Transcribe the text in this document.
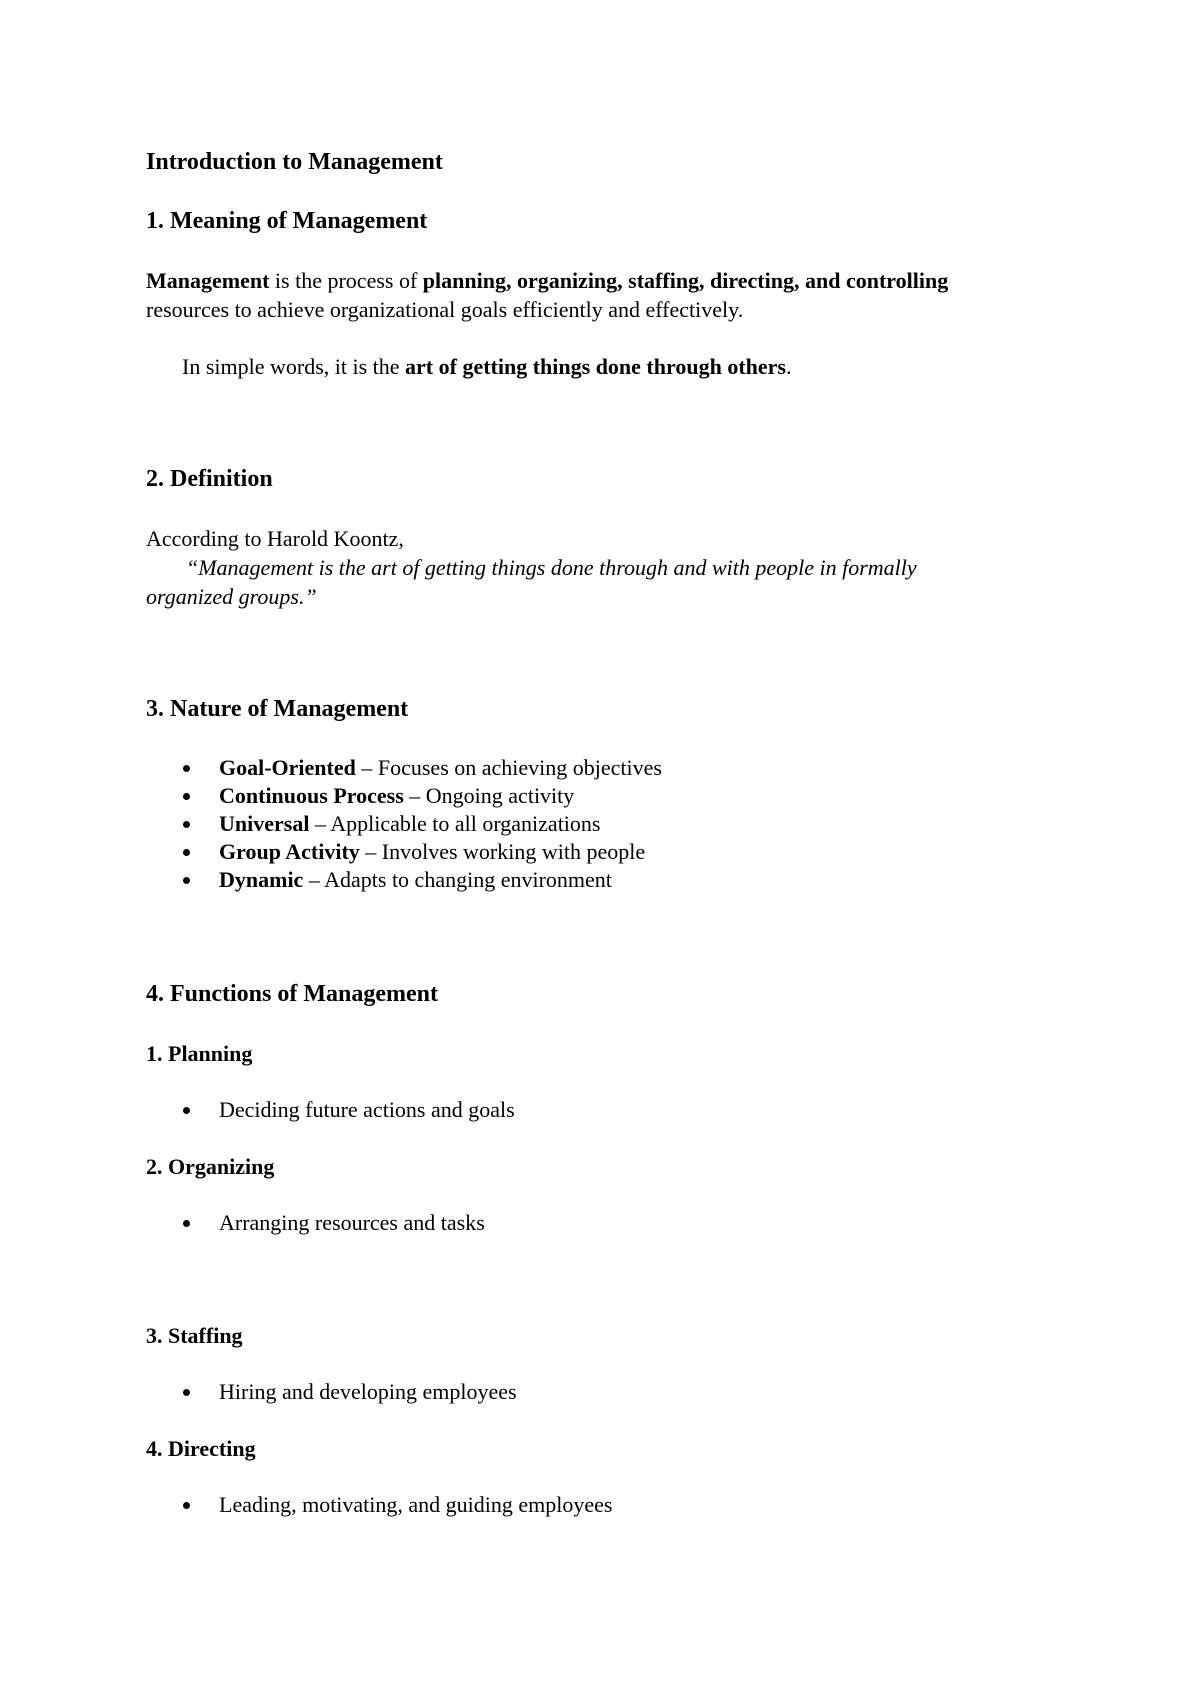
Introduction to Management
1. Meaning of Management
Management is the process of planning, organizing, staffing, directing, and controlling
resources to achieve organizational goals efficiently and effectively.
In simple words, it is the art of getting things done through others.
2. Definition
According to Harold Koontz,
“Management is the art of getting things done through and with people in formally
organized groups.”
3. Nature of Management
Goal-Oriented – Focuses on achieving objectives
Continuous Process – Ongoing activity
Universal – Applicable to all organizations
Group Activity – Involves working with people
Dynamic – Adapts to changing environment
4. Functions of Management
1. Planning
Deciding future actions and goals
2. Organizing
Arranging resources and tasks
3. Staffing
Hiring and developing employees
4. Directing
Leading, motivating, and guiding employees
